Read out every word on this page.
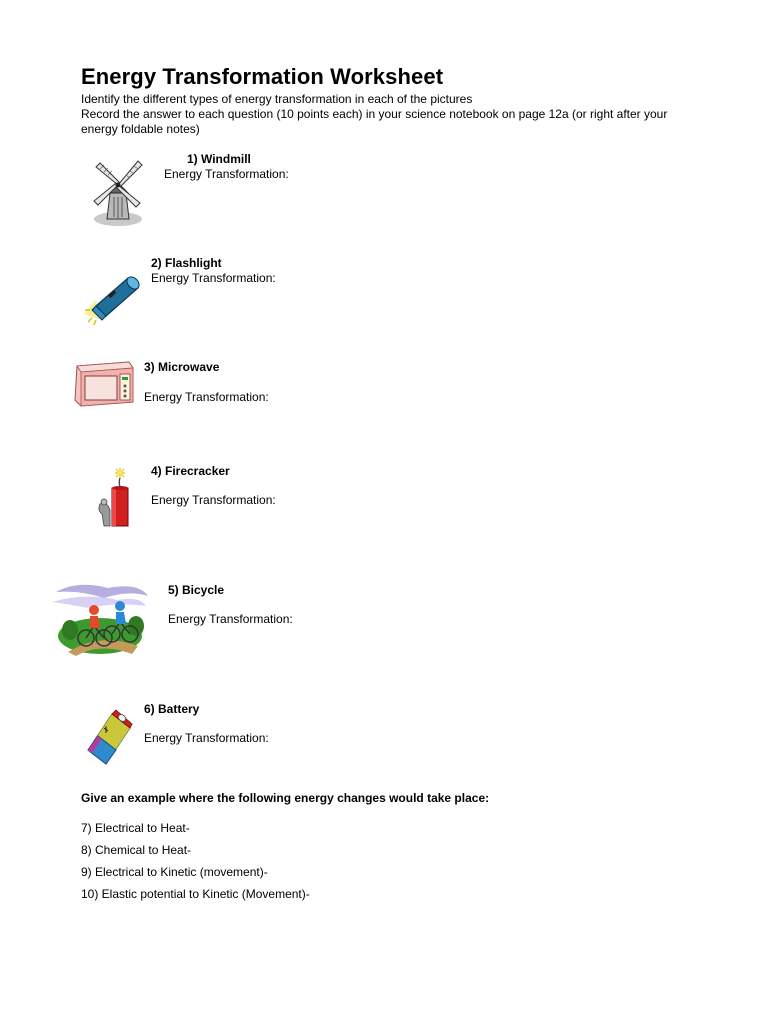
Energy Transformation Worksheet
Identify the different types of energy transformation in each of the pictures
Record the answer to each question (10 points each) in your science notebook on page 12a (or right after your energy foldable notes)
1) Windmill
Energy Transformation:
2) Flashlight
Energy Transformation:
3) Microwave
Energy Transformation:
4) Firecracker
Energy Transformation:
5) Bicycle
Energy Transformation:
6) Battery
Energy Transformation:
Give an example where the following energy changes would take place:
7) Electrical to Heat-
8) Chemical to Heat-
9) Electrical to Kinetic (movement)-
10) Elastic potential to Kinetic (Movement)-
